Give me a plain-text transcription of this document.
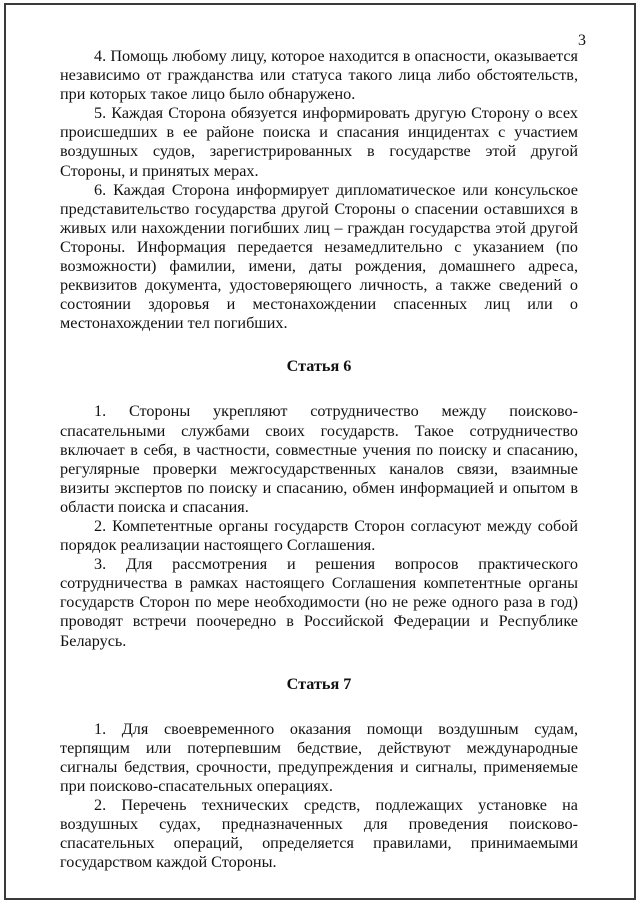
3

4. Помощь любому лицу, которое находится в опасности, оказывается независимо от гражданства или статуса такого лица либо обстоятельств, при которых такое лицо было обнаружено.

5. Каждая Сторона обязуется информировать другую Сторону о всех происшедших в ее районе поиска и спасания инцидентах с участием воздушных судов, зарегистрированных в государстве этой другой Стороны, и принятых мерах.

6. Каждая Сторона информирует дипломатическое или консульское представительство государства другой Стороны о спасении оставшихся в живых или нахождении погибших лиц – граждан государства этой другой Стороны. Информация передается незамедлительно с указанием (по возможности) фамилии, имени, даты рождения, домашнего адреса, реквизитов документа, удостоверяющего личность, а также сведений о состоянии здоровья и местонахождении спасенных лиц или о местонахождении тел погибших.

Статья 6

1. Стороны укрепляют сотрудничество между поисково-спасательными службами своих государств. Такое сотрудничество включает в себя, в частности, совместные учения по поиску и спасанию, регулярные проверки межгосударственных каналов связи, взаимные визиты экспертов по поиску и спасанию, обмен информацией и опытом в области поиска и спасания.

2. Компетентные органы государств Сторон согласуют между собой порядок реализации настоящего Соглашения.

3. Для рассмотрения и решения вопросов практического сотрудничества в рамках настоящего Соглашения компетентные органы государств Сторон по мере необходимости (но не реже одного раза в год) проводят встречи поочередно в Российской Федерации и Республике Беларусь.

Статья 7

1. Для своевременного оказания помощи воздушным судам, терпящим или потерпевшим бедствие, действуют международные сигналы бедствия, срочности, предупреждения и сигналы, применяемые при поисково-спасательных операциях.

2. Перечень технических средств, подлежащих установке на воздушных судах, предназначенных для проведения поисково-спасательных операций, определяется правилами, принимаемыми государством каждой Стороны.
